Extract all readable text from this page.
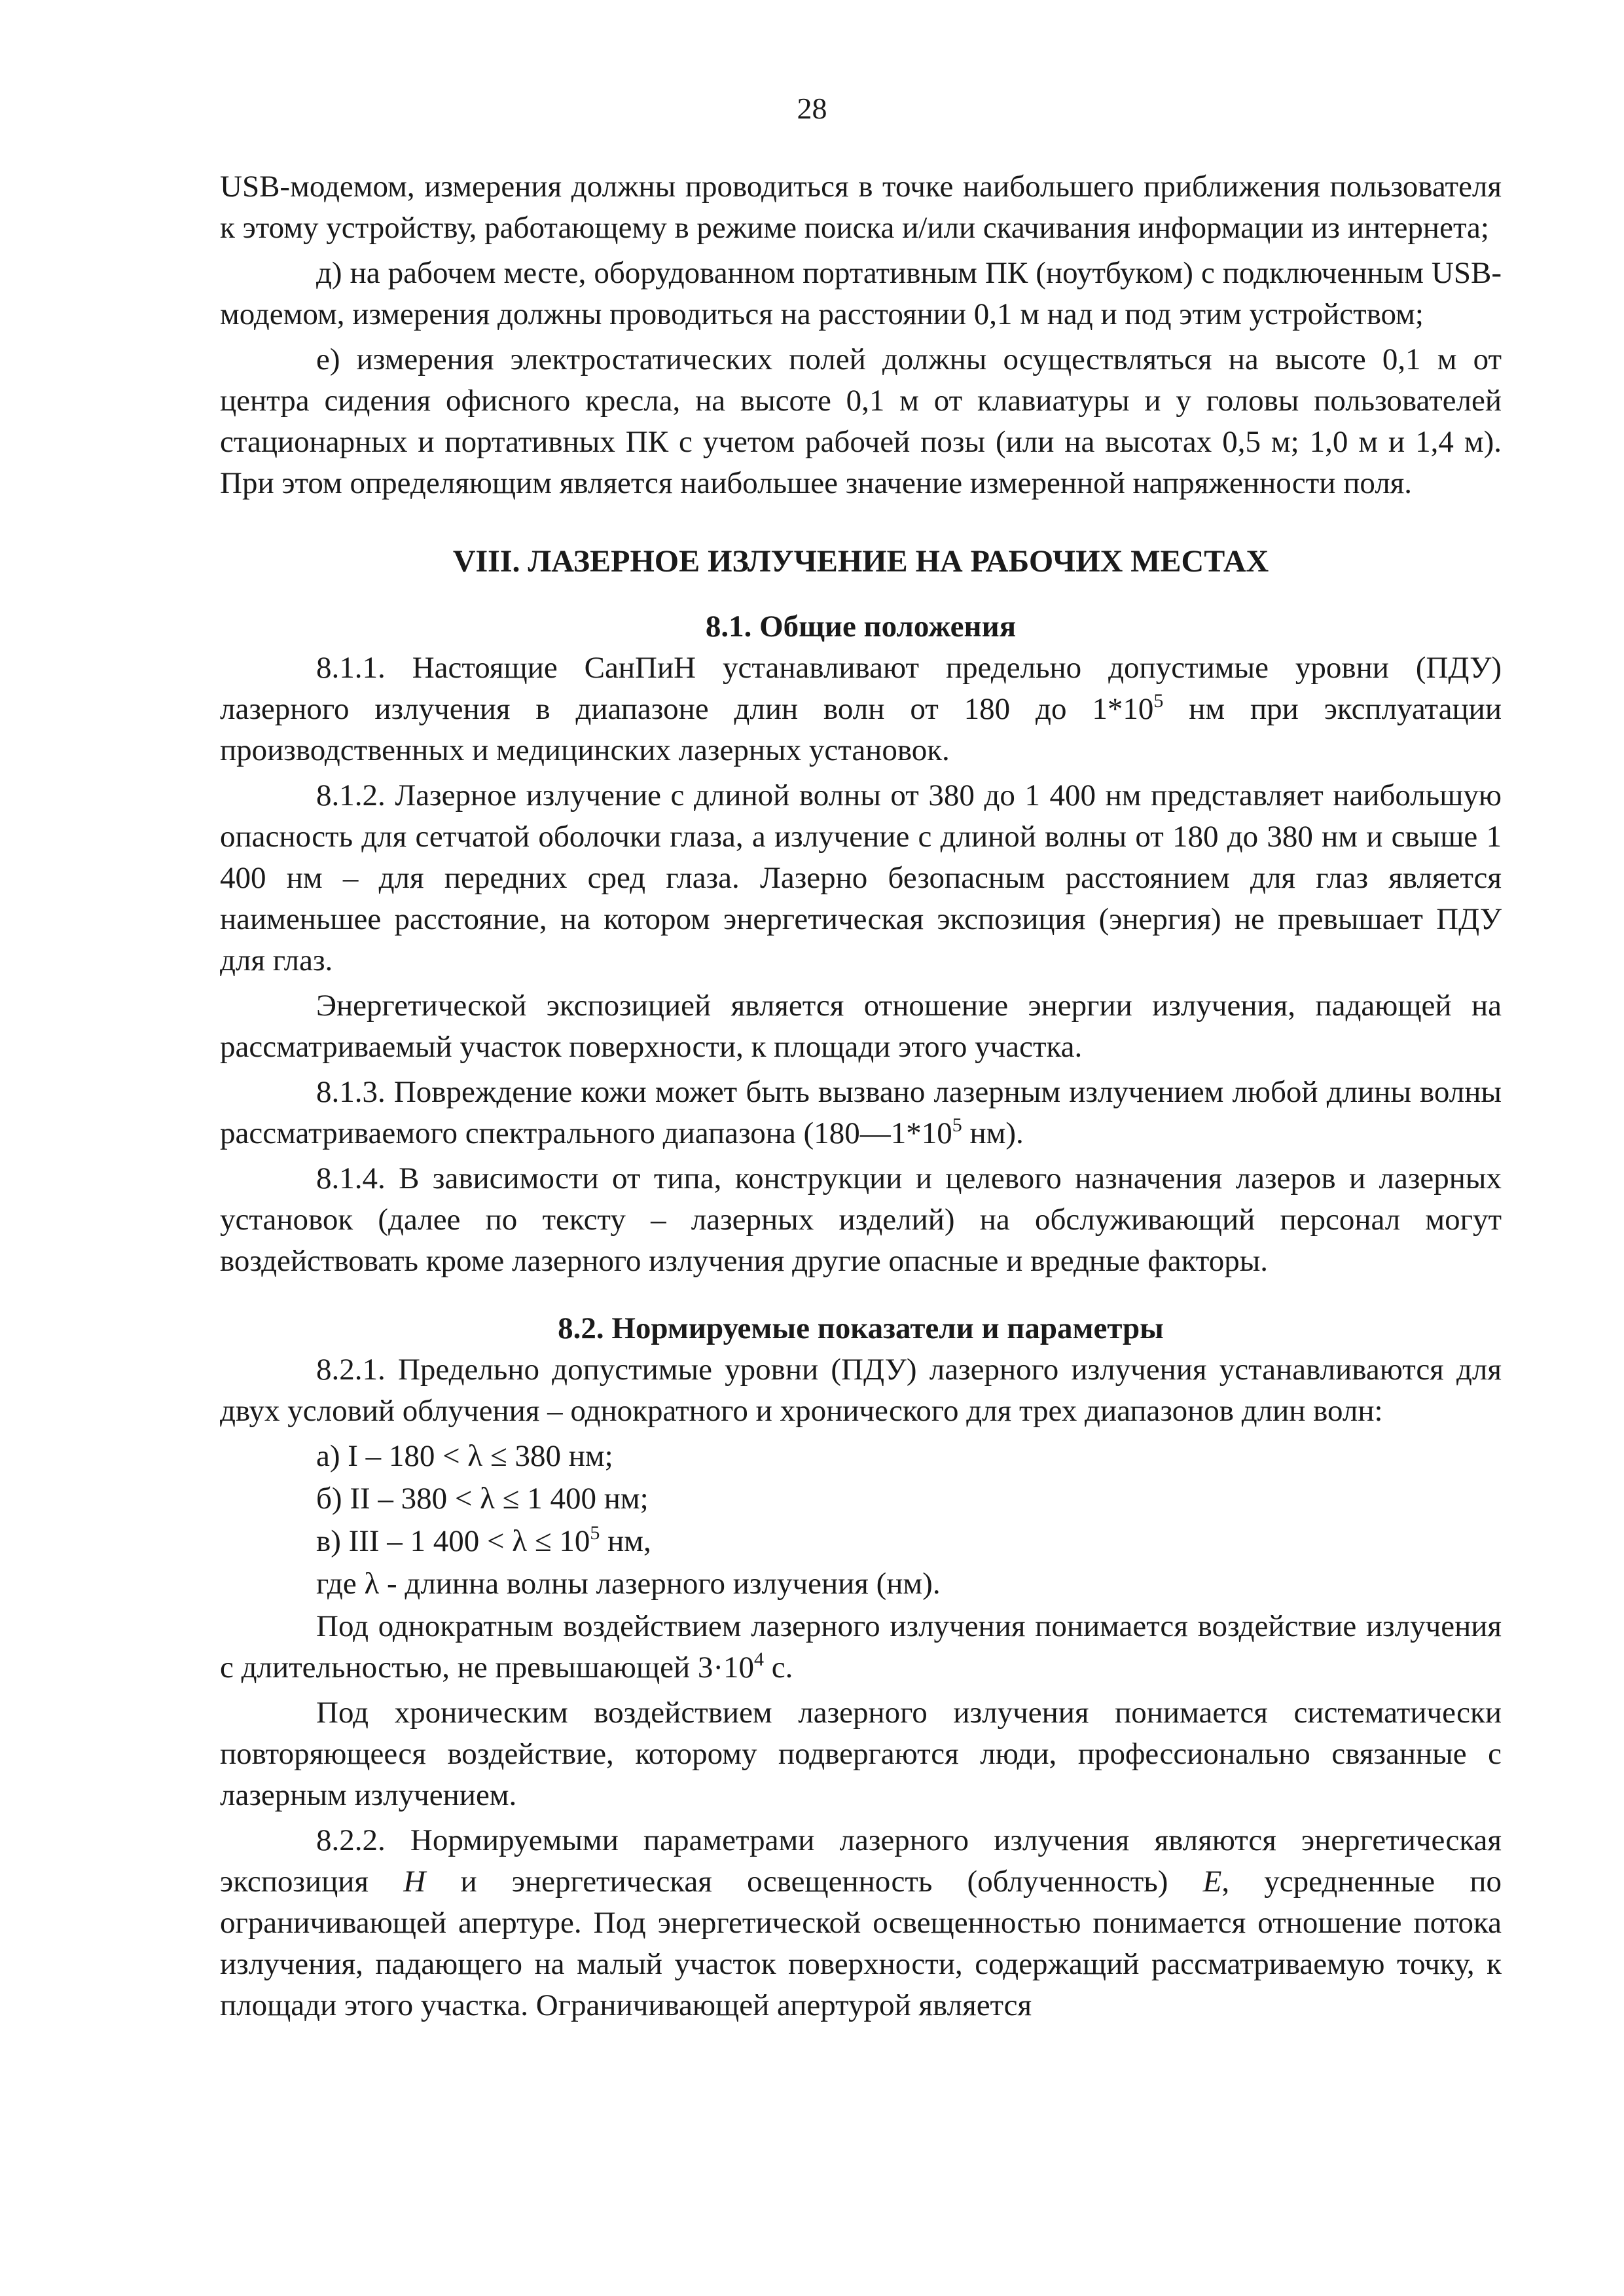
28

USB-модемом, измерения должны проводиться в точке наибольшего приближения пользователя к этому устройству, работающему в режиме поиска и/или скачивания информации из интернета;

д) на рабочем месте, оборудованном портативным ПК (ноутбуком) с подключенным USB-модемом, измерения должны проводиться на расстоянии 0,1 м над и под этим устройством;

е) измерения электростатических полей должны осуществляться на высоте 0,1 м от центра сидения офисного кресла, на высоте 0,1 м от клавиатуры и у головы пользователей стационарных и портативных ПК с учетом рабочей позы (или на высотах 0,5 м; 1,0 м и 1,4 м). При этом определяющим является наибольшее значение измеренной напряженности поля.

VIII. ЛАЗЕРНОЕ ИЗЛУЧЕНИЕ НА РАБОЧИХ МЕСТАХ
8.1. Общие положения

8.1.1. Настоящие СанПиН устанавливают предельно допустимые уровни (ПДУ) лазерного излучения в диапазоне длин волн от 180 до $1*10^5$ нм при эксплуатации производственных и медицинских лазерных установок.

8.1.2. Лазерное излучение с длиной волны от 380 до 1 400 нм представляет наибольшую опасность для сетчатой оболочки глаза, а излучение с длиной волны от 180 до 380 нм и свыше 1 400 нм – для передних сред глаза. Лазерно безопасным расстоянием для глаз является наименьшее расстояние, на котором энергетическая экспозиция (энергия) не превышает ПДУ для глаз.

Энергетической экспозицией является отношение энергии излучения, падающей на рассматриваемый участок поверхности, к площади этого участка.

8.1.3. Повреждение кожи может быть вызвано лазерным излучением любой длины волны рассматриваемого спектрального диапазона ($180—1*10^5$ нм).

8.1.4. В зависимости от типа, конструкции и целевого назначения лазеров и лазерных установок (далее по тексту – лазерных изделий) на обслуживающий персонал могут воздействовать кроме лазерного излучения другие опасные и вредные факторы.

8.2. Нормируемые показатели и параметры

8.2.1. Предельно допустимые уровни (ПДУ) лазерного излучения устанавливаются для двух условий облучения – однократного и хронического для трех диапазонов длин волн:

а) I – 180 < λ ≤ 380 нм;

б) II – 380 < λ ≤ 1 400 нм;

в) III – 1 $400 < \lambda \le 10^5$ нм,

где λ - длинна волны лазерного излучения (нм).

Под однократным воздействием лазерного излучения понимается воздействие излучения с длительностью, не превышающей $3\cdot 10^4$ с.

Под хроническим воздействием лазерного излучения понимается систематически повторяющееся воздействие, которому подвергаются люди, профессионально связанные с лазерным излучением.

8.2.2. Нормируемыми параметрами лазерного излучения являются энергетическая экспозиция H и энергетическая освещенность (облученность) E, усредненные по ограничивающей апертуре. Под энергетической освещенностью понимается отношение потока излучения, падающего на малый участок поверхности, содержащий рассматриваемую точку, к площади этого участка. Ограничивающей апертурой является
